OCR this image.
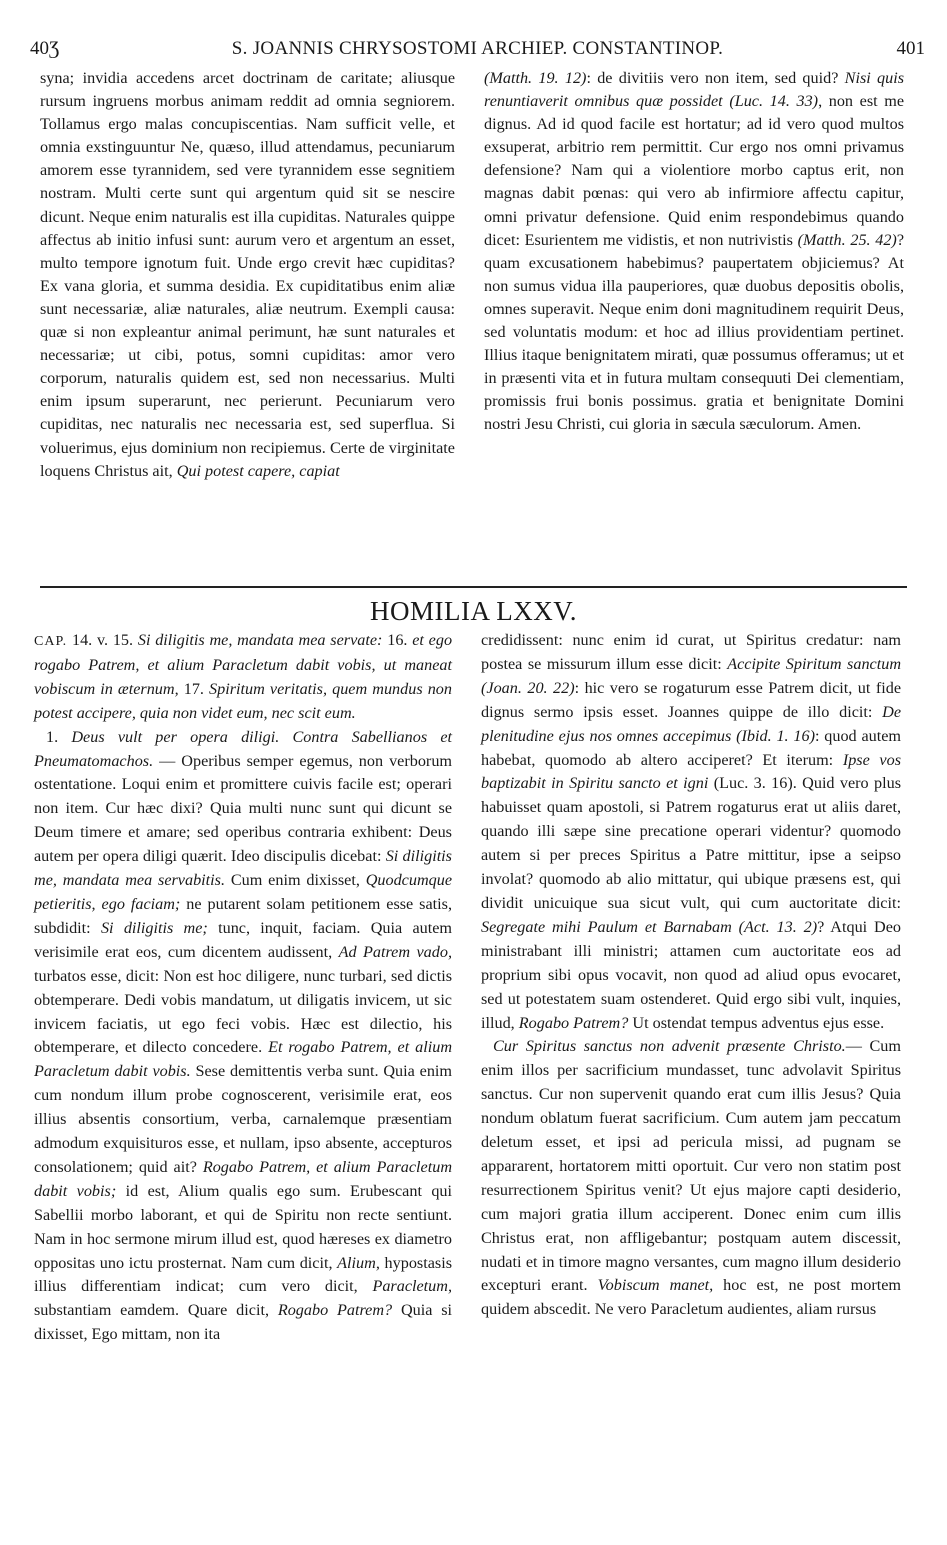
40Ʒ	S. JOANNIS CHRYSOSTOMI ARCHIEP. CONSTANTINOP.	401

syna; invidia accedens arcet doctrinam de caritate; aliusque rursum ingruens morbus animam reddit ad omnia segniorem. Tollamus ergo malas concupiscentias. Nam sufficit velle, et omnia exstinguuntur Ne, quæso, illud attendamus, pecuniarum amorem esse tyrannidem, sed vere tyrannidem esse segnitiem nostram. Multi certe sunt qui argentum quid sit se nescire dicunt. Neque enim naturalis est illa cupiditas. Naturales quippe affectus ab initio infusi sunt: aurum vero et argentum an esset, multo tempore ignotum fuit. Unde ergo crevit hæc cupiditas? Ex vana gloria, et summa desidia. Ex cupiditatibus enim aliæ sunt necessariæ, aliæ naturales, aliæ neutrum. Exempli causa: quæ si non expleantur animal perimunt, hæ sunt naturales et necessariæ; ut cibi, potus, somni cupiditas: amor vero corporum, naturalis quidem est, sed non necessarius. Multi enim ipsum superarunt, nec perierunt. Pecuniarum vero cupiditas, nec naturalis nec necessaria est, sed superflua. Si voluerimus, ejus dominium non recipiemus. Certe de virginitate loquens Christus ait, Qui potest capere, capiat

(Matth. 19. 12): de divitiis vero non item, sed quid? Nisi quis renuntiaverit omnibus quæ possidet (Luc. 14. 33), non est me dignus. Ad id quod facile est hortatur; ad id vero quod multos exsuperat, arbitrio rem permittit. Cur ergo nos omni privamus defensione? Nam qui a violentiore morbo captus erit, non magnas dabit pœnas: qui vero ab infirmiore affectu capitur, omni privatur defensione. Quid enim respondebimus quando dicet: Esurientem me vidistis, et non nutrivistis (Matth. 25. 42)? quam excusationem habebimus? paupertatem objiciemus? At non sumus vidua illa pauperiores, quæ duobus depositis obolis, omnes superavit. Neque enim doni magnitudinem requirit Deus, sed voluntatis modum: et hoc ad illius providentiam pertinet. Illius itaque benignitatem mirati, quæ possumus offeramus; ut et in præsenti vita et in futura multam consequuti Dei clementiam, promissis frui bonis possimus. gratia et benignitate Domini nostri Jesu Christi, cui gloria in sæcula sæculorum. Amen.

HOMILIA LXXV.

CAP. 14. v. 15. Si diligitis me, mandata mea servate: 16. et ego rogabo Patrem, et alium Paracletum dabit vobis, ut maneat vobiscum in æternum, 17. Spiritum veritatis, quem mundus non potest accipere, quia non videt eum, nec scit eum.

1. Deus vult per opera diligi. Contra Sabellianos et Pneumatomachos. — Operibus semper egemus, non verborum ostentatione. Loqui enim et promittere cuivis facile est; operari non item. Cur hæc dixi? Quia multi nunc sunt qui dicunt se Deum timere et amare; sed operibus contraria exhibent: Deus autem per opera diligi quærit. Ideo discipulis dicebat: Si diligitis me, mandata mea servabitis. Cum enim dixisset, Quodcumque petieritis, ego faciam; ne putarent solam petitionem esse satis, subdidit: Si diligitis me; tunc, inquit, faciam. Quia autem verisimile erat eos, cum dicentem audissent, Ad Patrem vado, turbatos esse, dicit: Non est hoc diligere, nunc turbari, sed dictis obtemperare. Dedi vobis mandatum, ut diligatis invicem, ut sic invicem faciatis, ut ego feci vobis. Hæc est dilectio, his obtemperare, et dilecto concedere. Et rogabo Patrem, et alium Paracletum dabit vobis. Sese demittentis verba sunt. Quia enim cum nondum illum probe cognoscerent, verisimile erat, eos illius absentis consortium, verba, carnalemque præsentiam admodum exquisituros esse, et nullam, ipso absente, accepturos consolationem; quid ait? Rogabo Patrem, et alium Paracletum dabit vobis; id est, Alium qualis ego sum. Erubescant qui Sabellii morbo laborant, et qui de Spiritu non recte sentiunt. Nam in hoc sermone mirum illud est, quod hæreses ex diametro oppositas uno ictu prosternat. Nam cum dicit, Alium, hypostasis illius differentiam indicat; cum vero dicit, Paracletum, substantiam eamdem. Quare dicit, Rogabo Patrem? Quia si dixisset, Ego mittam, non ita

credidissent: nunc enim id curat, ut Spiritus credatur: nam postea se missurum illum esse dicit: Accipite Spiritum sanctum (Joan. 20. 22): hic vero se rogaturum esse Patrem dicit, ut fide dignus sermo ipsis esset. Joannes quippe de illo dicit: De plenitudine ejus nos omnes accepimus (Ibid. 1. 16): quod autem habebat, quomodo ab altero acciperet? Et iterum: Ipse vos baptizabit in Spiritu sancto et igni (Luc. 3. 16). Quid vero plus habuisset quam apostoli, si Patrem rogaturus erat ut aliis daret, quando illi sæpe sine precatione operari videntur? quomodo autem si per preces Spiritus a Patre mittitur, ipse a seipso involat? quomodo ab alio mittatur, qui ubique præsens est, qui dividit unicuique sua sicut vult, qui cum auctoritate dicit: Segregate mihi Paulum et Barnabam (Act. 13. 2)? Atqui Deo ministrabant illi ministri; attamen cum auctoritate eos ad proprium sibi opus vocavit, non quod ad aliud opus evocaret, sed ut potestatem suam ostenderet. Quid ergo sibi vult, inquies, illud, Rogabo Patrem? Ut ostendat tempus adventus ejus esse.

Cur Spiritus sanctus non advenit præsente Christo.— Cum enim illos per sacrificium mundasset, tunc advolavit Spiritus sanctus. Cur non supervenit quando erat cum illis Jesus? Quia nondum oblatum fuerat sacrificium. Cum autem jam peccatum deletum esset, et ipsi ad pericula missi, ad pugnam se appararent, hortatorem mitti oportuit. Cur vero non statim post resurrectionem Spiritus venit? Ut ejus majore capti desiderio, cum majori gratia illum acciperent. Donec enim cum illis Christus erat, non affligebantur; postquam autem discessit, nudati et in timore magno versantes, cum magno illum desiderio excepturi erant. Vobiscum manet, hoc est, ne post mortem quidem abscedit. Ne vero Paracletum audientes, aliam rursus
